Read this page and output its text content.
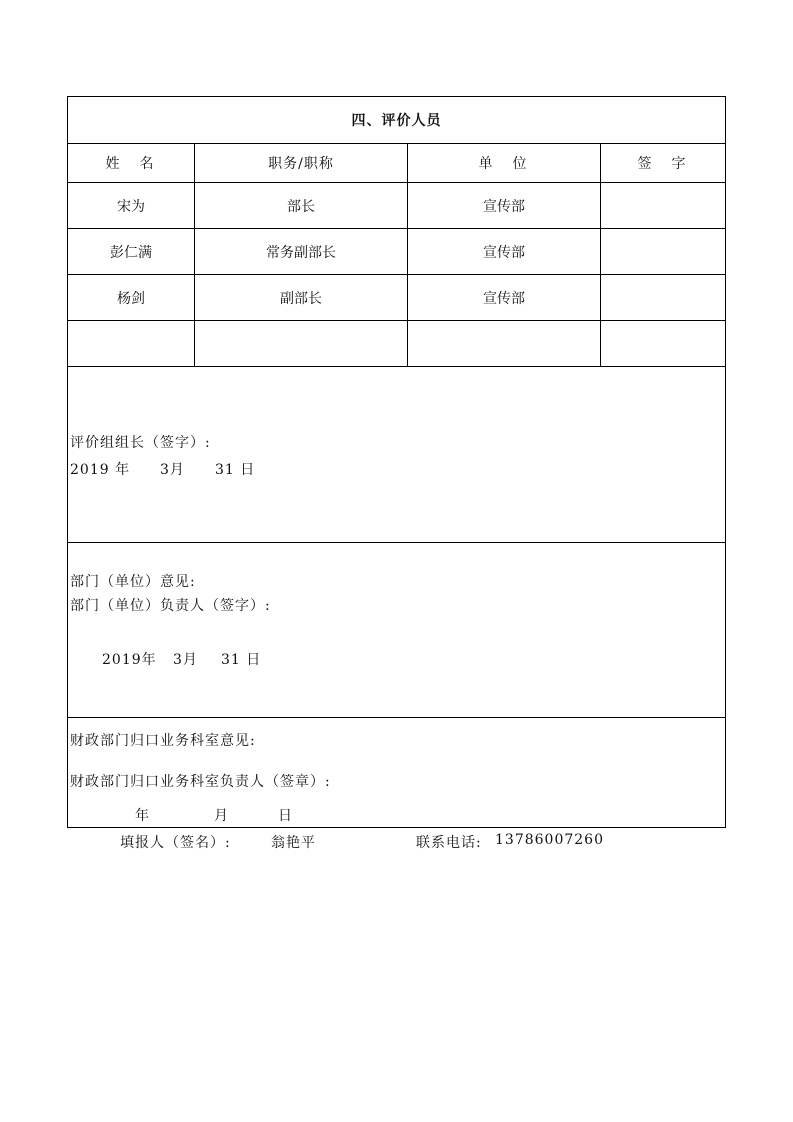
四、评价人员
姓　名	职务/职称	单　位	签　字
宋为	部长	宣传部
彭仁满	常务副部长	宣传部
杨剑	副部长	宣传部
评价组组长（签字）:
2019 年 3月 31 日
部门（单位）意见:
部门（单位）负责人（签字）:
2019年 3月 31 日
财政部门归口业务科室意见:
财政部门归口业务科室负责人（签章）:
年	月	日
填报人（签名）:	翁艳平	联系电话: 13786007260
